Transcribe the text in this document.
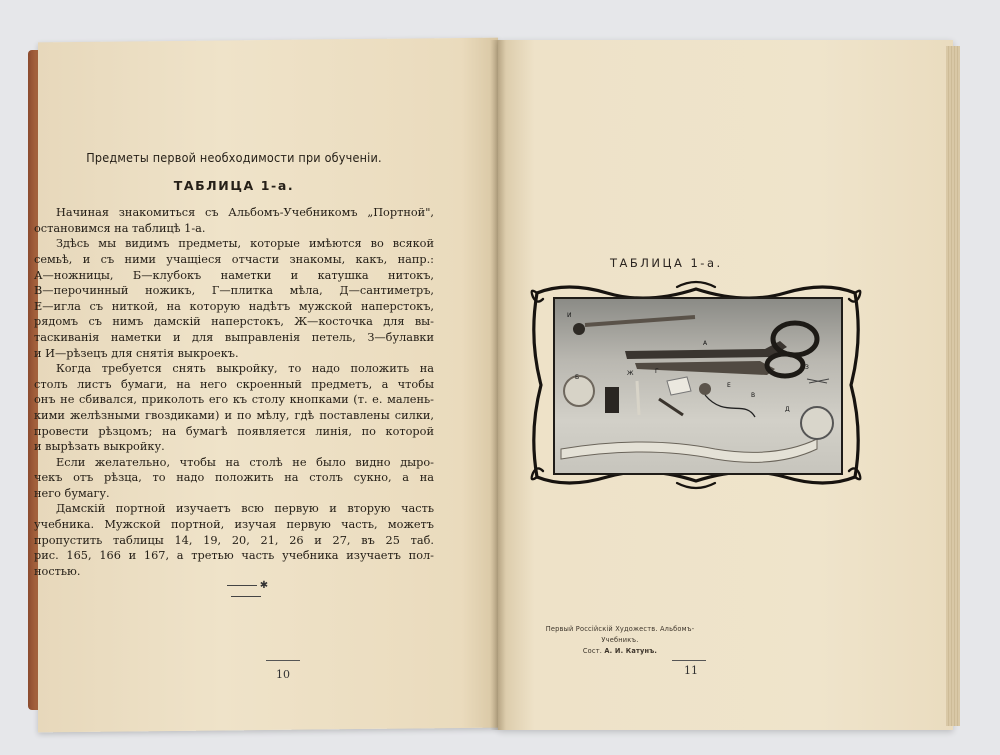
Предметы первой необходимости при обученіи.
ТАБЛИЦА 1-а.
Начиная знакомиться съ Альбомъ-Учебникомъ „Портной",
остановимся на таблицѣ 1-а.
Здѣсь мы видимъ предметы, которые имѣются во всякой
семьѣ, и съ ними учащіеся отчасти знакомы, какъ, напр.:
А—ножницы, Б—клубокъ наметки и катушка нитокъ,
В—перочинный ножикъ, Г—плитка мѣла, Д—сантиметръ,
Е—игла съ ниткой, на которую надѣтъ мужской наперстокъ,
рядомъ съ нимъ дамскій наперстокъ, Ж—косточка для вы-
таскиванія наметки и для выправленія петель, З—булавки
и И—рѣзецъ для снятія выкроекъ.
Когда требуется снять выкройку, то надо положить на
столъ листъ бумаги, на него скроенный предметъ, а чтобы
онъ не сбивался, приколоть его къ столу кнопками (т. е. малень-
кими желѣзными гвоздиками) и по мѣлу, гдѣ поставлены силки,
провести рѣзцомъ; на бумагѣ появляется линія, по которой
и вырѣзать выкройку.
Если желательно, чтобы на столѣ не было видно дыро-
чекъ отъ рѣзца, то надо положить на столъ сукно, а на
него бумагу.
Дамскій портной изучаетъ всю первую и вторую часть
учебника. Мужской портной, изучая первую часть, можетъ
пропустить таблицы 14, 19, 20, 21, 26 и 27, въ 25 таб.
рис. 165, 166 и 167, а третью часть учебника изучаетъ пол-
ностью.
✱
10
ТАБЛИЦА 1-а.
И
А
Б
Ж	Г
Е
З
В
Д
Первый Россійскій Художеств. Альбомъ-Учебникъ.
Сост. А. И. Катунъ.
11
